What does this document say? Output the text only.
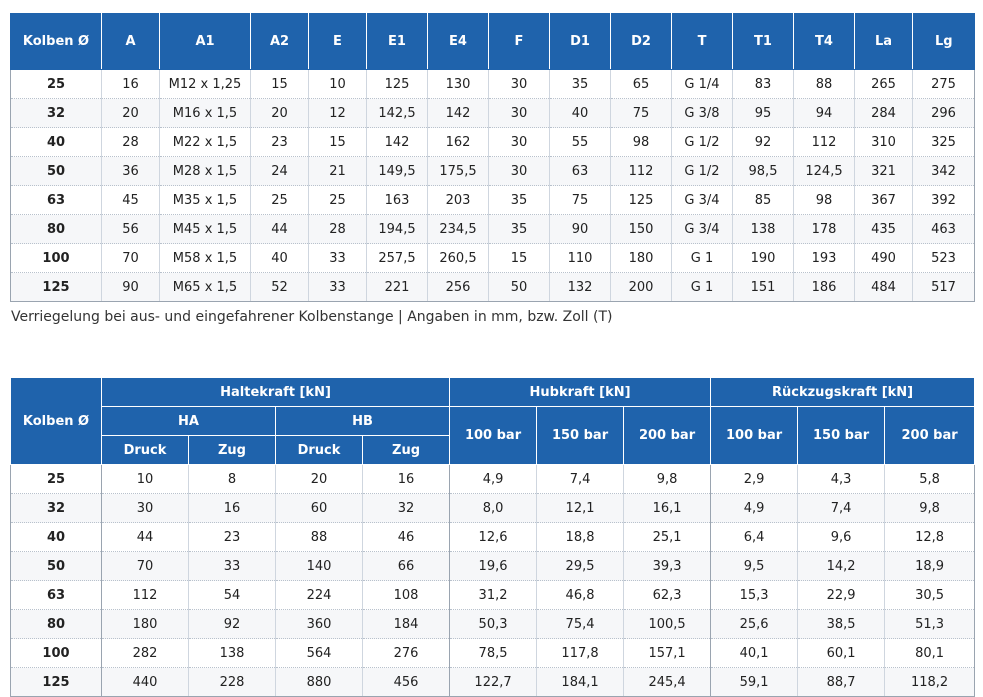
Kolben Ø	A	A1	A2	E	E1	E4	F	D1	D2	T	T1	T4	La	Lg
25	16	M12 x 1,25	15	10	125	130	30	35	65	G 1/4	83	88	265	275
32	20	M16 x 1,5	20	12	142,5	142	30	40	75	G 3/8	95	94	284	296
40	28	M22 x 1,5	23	15	142	162	30	55	98	G 1/2	92	112	310	325
50	36	M28 x 1,5	24	21	149,5	175,5	30	63	112	G 1/2	98,5	124,5	321	342
63	45	M35 x 1,5	25	25	163	203	35	75	125	G 3/4	85	98	367	392
80	56	M45 x 1,5	44	28	194,5	234,5	35	90	150	G 3/4	138	178	435	463
100	70	M58 x 1,5	40	33	257,5	260,5	15	110	180	G 1	190	193	490	523
125	90	M65 x 1,5	52	33	221	256	50	132	200	G 1	151	186	484	517
Verriegelung bei aus- und eingefahrener Kolbenstange | Angaben in mm, bzw. Zoll (T)
Kolben Ø	Haltekraft [kN]				Hubkraft [kN]			Rückzugskraft [kN]		
	HA		HB		100 bar	150 bar	200 bar	100 bar	150 bar	200 bar
	Druck	Zug	Druck	Zug						
25	10	8	20	16	4,9	7,4	9,8	2,9	4,3	5,8
32	30	16	60	32	8,0	12,1	16,1	4,9	7,4	9,8
40	44	23	88	46	12,6	18,8	25,1	6,4	9,6	12,8
50	70	33	140	66	19,6	29,5	39,3	9,5	14,2	18,9
63	112	54	224	108	31,2	46,8	62,3	15,3	22,9	30,5
80	180	92	360	184	50,3	75,4	100,5	25,6	38,5	51,3
100	282	138	564	276	78,5	117,8	157,1	40,1	60,1	80,1
125	440	228	880	456	122,7	184,1	245,4	59,1	88,7	118,2
